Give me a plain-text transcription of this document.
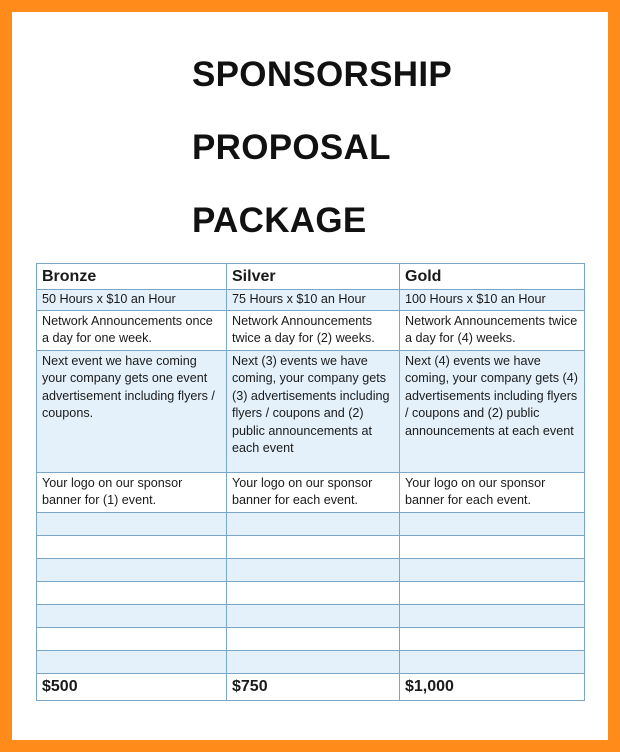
SPONSORSHIP
PROPOSAL
PACKAGE
Bronze	Silver	Gold
50 Hours x $10 an Hour	75 Hours x $10 an Hour	100 Hours x $10 an Hour
Network Announcements once a day for one week.	Network Announcements twice a day for (2) weeks.	Network Announcements twice a day for (4) weeks.
Next event we have coming your company gets one event advertisement including flyers / coupons.	Next (3) events we have coming, your company gets (3) advertisements including flyers / coupons and (2) public announcements at each event	Next (4) events we have coming, your company gets (4) advertisements including flyers / coupons and (2) public announcements at each event
Your logo on our sponsor banner for (1) event.	Your logo on our sponsor banner for each event.	Your logo on our sponsor banner for each event.

$500	$750	$1,000
